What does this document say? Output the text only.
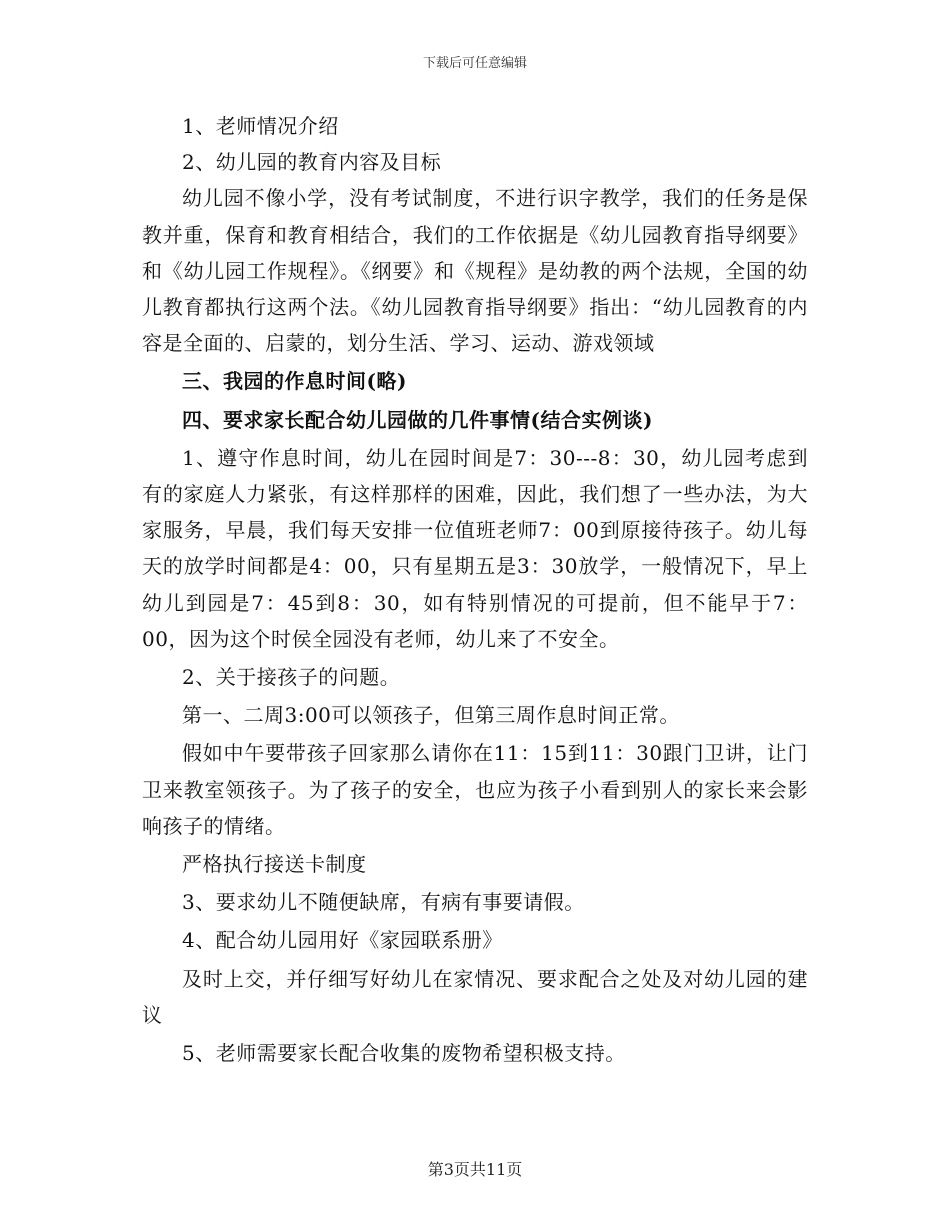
下载后可任意编辑

1、老师情况介绍

2、幼儿园的教育内容及目标

幼儿园不像小学，没有考试制度，不进行识字教学，我们的任务是保教并重，保育和教育相结合，我们的工作依据是《幼儿园教育指导纲要》和《幼儿园工作规程》。《纲要》和《规程》是幼教的两个法规，全国的幼儿教育都执行这两个法。《幼儿园教育指导纲要》指出：“幼儿园教育的内容是全面的、启蒙的，划分生活、学习、运动、游戏领域

三、我园的作息时间(略)

四、要求家长配合幼儿园做的几件事情(结合实例谈)

1、遵守作息时间，幼儿在园时间是7：30---8：30，幼儿园考虑到有的家庭人力紧张，有这样那样的困难，因此，我们想了一些办法，为大家服务，早晨，我们每天安排一位值班老师7：00到原接待孩子。幼儿每天的放学时间都是4：00，只有星期五是3：30放学，一般情况下，早上幼儿到园是7：45到8：30，如有特别情况的可提前，但不能早于7：00，因为这个时侯全园没有老师，幼儿来了不安全。

2、关于接孩子的问题。

第一、二周3:00可以领孩子，但第三周作息时间正常。

假如中午要带孩子回家那么请你在11：15到11：30跟门卫讲，让门卫来教室领孩子。为了孩子的安全，也应为孩子小看到别人的家长来会影响孩子的情绪。

严格执行接送卡制度

3、要求幼儿不随便缺席，有病有事要请假。

4、配合幼儿园用好《家园联系册》

及时上交，并仔细写好幼儿在家情况、要求配合之处及对幼儿园的建议

5、老师需要家长配合收集的废物希望积极支持。

第3页共11页
